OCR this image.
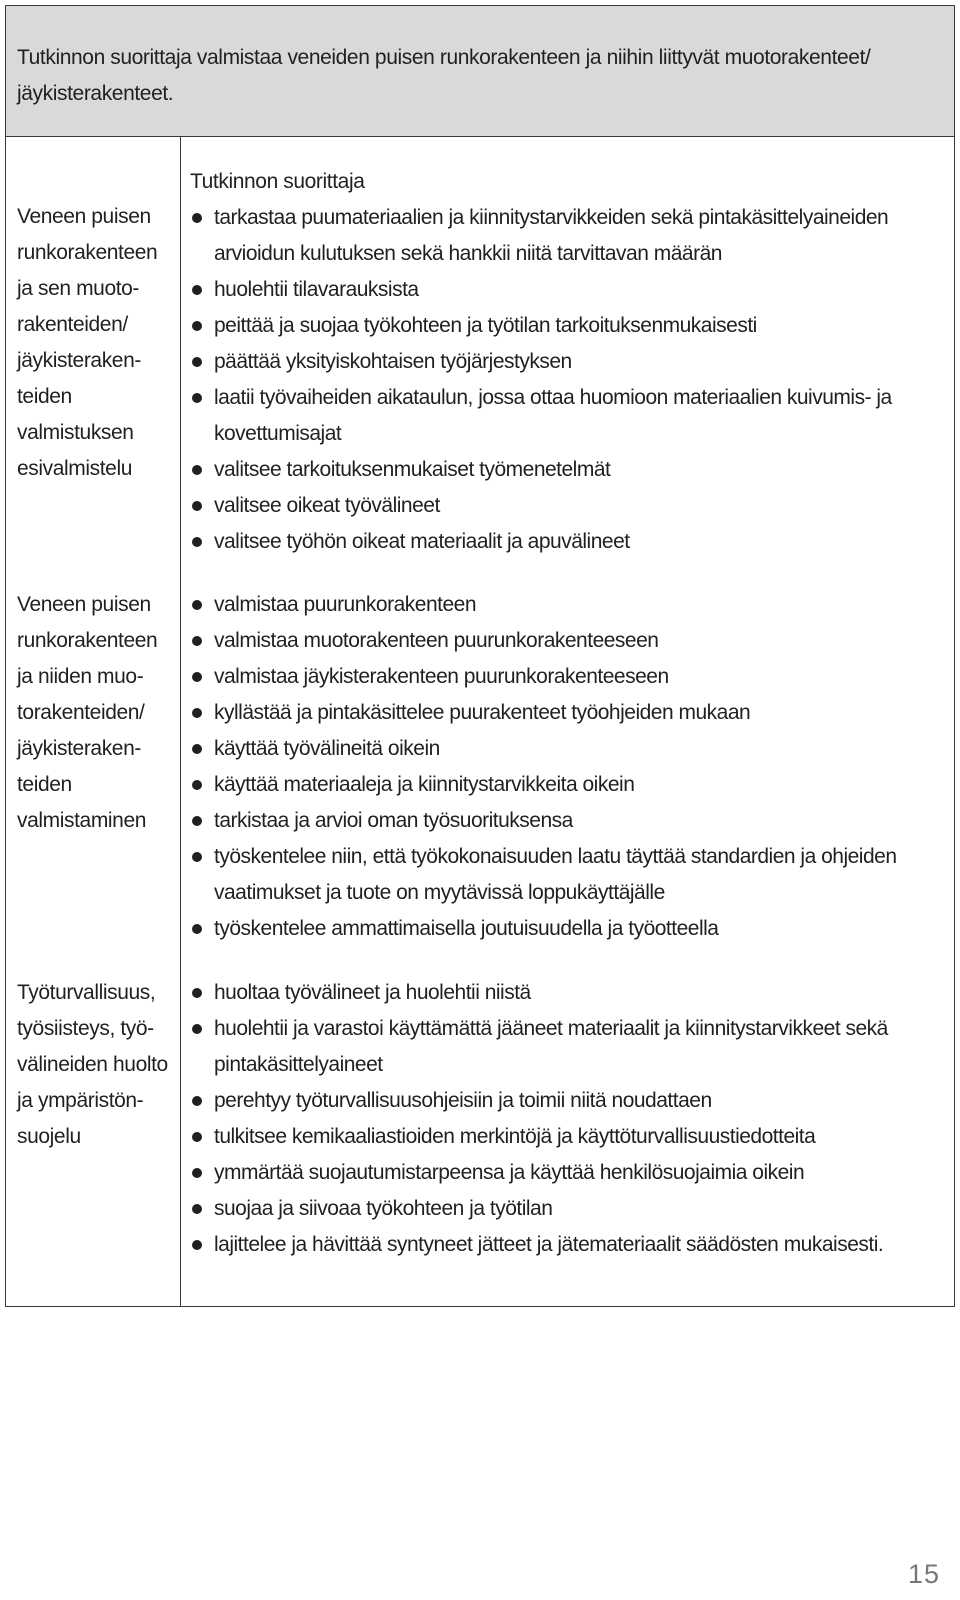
Tutkinnon suorittaja valmistaa veneiden puisen runkorakenteen ja niihin liittyvät muotorakenteet/
jäykisterakenteet.
Veneen puisen
runkorakenteen
ja sen muoto-
rakenteiden/
jäykisteraken-
teiden
valmistuksen
esivalmistelu
Tutkinnon suorittaja
tarkastaa puumateriaalien ja kiinnitystarvikkeiden sekä pintakäsittelyaineiden arvioidun kulutuksen sekä hankkii niitä tarvittavan määrän
huolehtii tilavarauksista
peittää ja suojaa työkohteen ja työtilan tarkoituksenmukaisesti
päättää yksityiskohtaisen työjärjestyksen
laatii työvaiheiden aikataulun, jossa ottaa huomioon materiaalien kuivumis- ja kovettumisajat
valitsee tarkoituksenmukaiset työmenetelmät
valitsee oikeat työvälineet
valitsee työhön oikeat materiaalit ja apuvälineet
Veneen puisen
runkorakenteen
ja niiden muo-
torakenteiden/
jäykisteraken-
teiden
valmistaminen
valmistaa puurunkorakenteen
valmistaa muotorakenteen puurunkorakenteeseen
valmistaa jäykisterakenteen puurunkorakenteeseen
kyllästää ja pintakäsittelee puurakenteet työohjeiden mukaan
käyttää työvälineitä oikein
käyttää materiaaleja ja kiinnitystarvikkeita oikein
tarkistaa ja arvioi oman työsuorituksensa
työskentelee niin, että työkokonaisuuden laatu täyttää standardien ja ohjeiden vaatimukset ja tuote on myytävissä loppukäyttäjälle
työskentelee ammattimaisella joutuisuudella ja työotteella
Työturvallisuus,
työsiisteys, työ-
välineiden huolto
ja ympäristön-
suojelu
huoltaa työvälineet ja huolehtii niistä
huolehtii ja varastoi käyttämättä jääneet materiaalit ja kiinnitystarvikkeet sekä pintakäsittelyaineet
perehtyy työturvallisuusohjeisiin ja toimii niitä noudattaen
tulkitsee kemikaaliastioiden merkintöjä ja käyttöturvallisuustiedotteita
ymmärtää suojautumistarpeensa ja käyttää henkilösuojaimia oikein
suojaa ja siivoaa työkohteen ja työtilan
lajittelee ja hävittää syntyneet jätteet ja jätemateriaalit säädösten mukaisesti.
15
